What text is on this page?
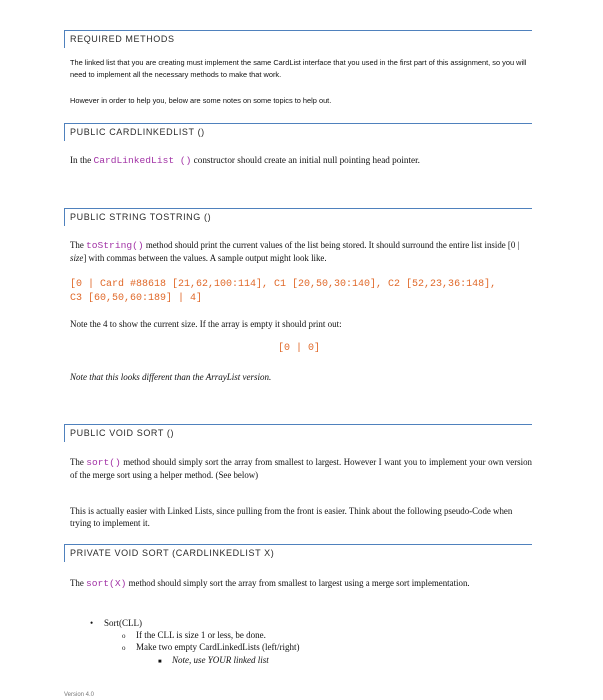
REQUIRED METHODS
The linked list that you are creating must implement the same CardList interface that you used in the first part of this assignment, so you will need to implement all the necessary methods to make that work.
However in order to help you, below are some notes on some topics to help out.
PUBLIC CARDLINKEDLIST ()
In the CardLinkedList () constructor should create an initial null pointing head pointer.
PUBLIC STRING TOSTRING ()
The toString() method should print the current values of the list being stored. It should surround the entire list inside [0 | size] with commas between the values. A sample output might look like.
[0 | Card #88618 [21,62,100:114], C1 [20,50,30:140], C2 [52,23,36:148],
C3 [60,50,60:189] | 4]
Note the 4 to show the current size. If the array is empty it should print out:
[0 | 0]
Note that this looks different than the ArrayList version.
PUBLIC VOID SORT ()
The sort() method should simply sort the array from smallest to largest. However I want you to implement your own version of the merge sort using a helper method. (See below)
This is actually easier with Linked Lists, since pulling from the front is easier. Think about the following pseudo-Code when trying to implement it.
PRIVATE VOID SORT (CARDLINKEDLIST X)
The sort(X) method should simply sort the array from smallest to largest using a merge sort implementation.
• Sort(CLL)
o If the CLL is size 1 or less, be done.
o Make two empty CardLinkedLists (left/right)
■ Note, use YOUR linked list
Version 4.0
